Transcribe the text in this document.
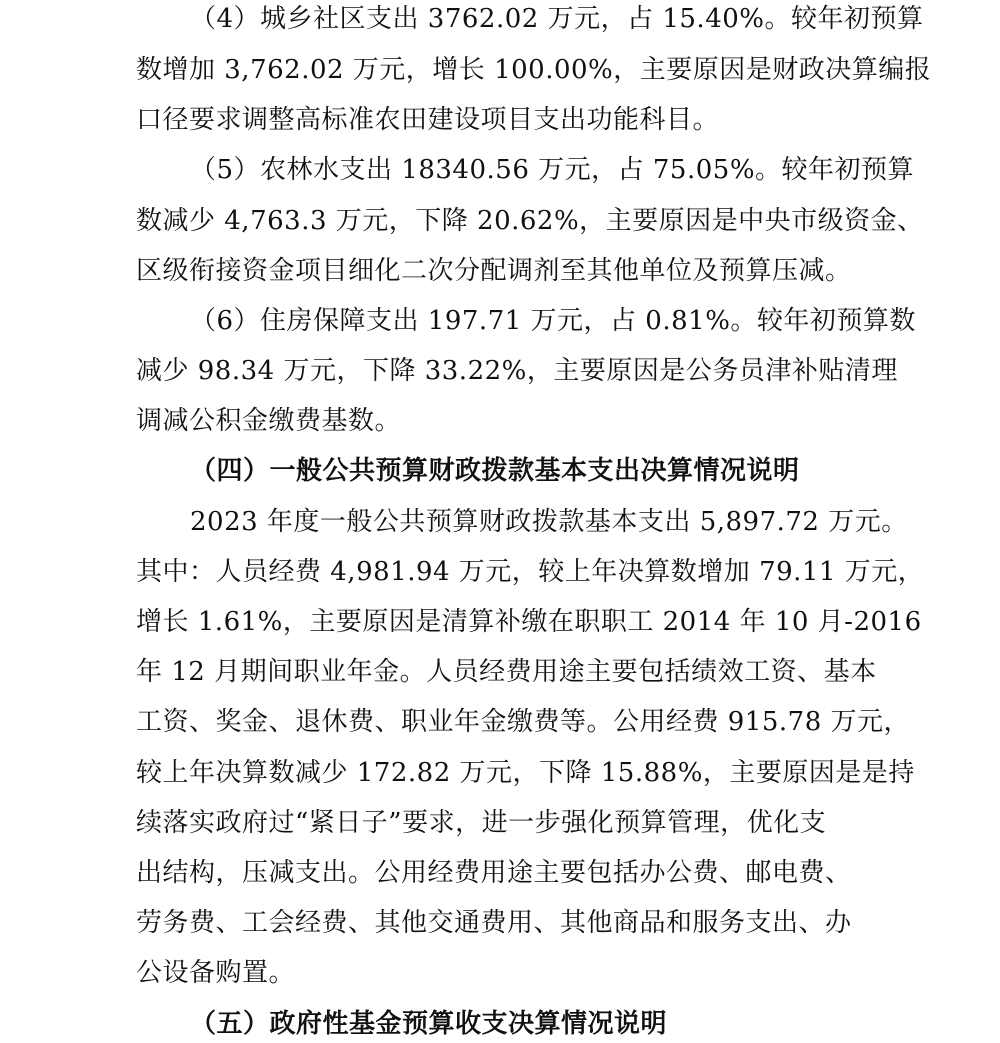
（4）城乡社区支出 3762.02 万元，占 15.40%。较年初预算
数增加 3,762.02 万元，增长 100.00%，主要原因是财政决算编报
口径要求调整高标准农田建设项目支出功能科目。
（5）农林水支出 18340.56 万元，占 75.05%。较年初预算
数减少 4,763.3 万元，下降 20.62%，主要原因是中央市级资金、
区级衔接资金项目细化二次分配调剂至其他单位及预算压减。
（6）住房保障支出 197.71 万元，占 0.81%。较年初预算数
减少 98.34 万元，下降 33.22%，主要原因是公务员津补贴清理
调减公积金缴费基数。
（四）一般公共预算财政拨款基本支出决算情况说明
2023 年度一般公共预算财政拨款基本支出 5,897.72 万元。
其中：人员经费 4,981.94 万元，较上年决算数增加 79.11 万元，
增长 1.61%，主要原因是清算补缴在职职工 2014 年 10 月-2016
年 12 月期间职业年金。人员经费用途主要包括绩效工资、基本
工资、奖金、退休费、职业年金缴费等。公用经费 915.78 万元，
较上年决算数减少 172.82 万元，下降 15.88%，主要原因是是持
续落实政府过“紧日子”要求，进一步强化预算管理，优化支
出结构，压减支出。公用经费用途主要包括办公费、邮电费、
劳务费、工会经费、其他交通费用、其他商品和服务支出、办
公设备购置。
（五）政府性基金预算收支决算情况说明
